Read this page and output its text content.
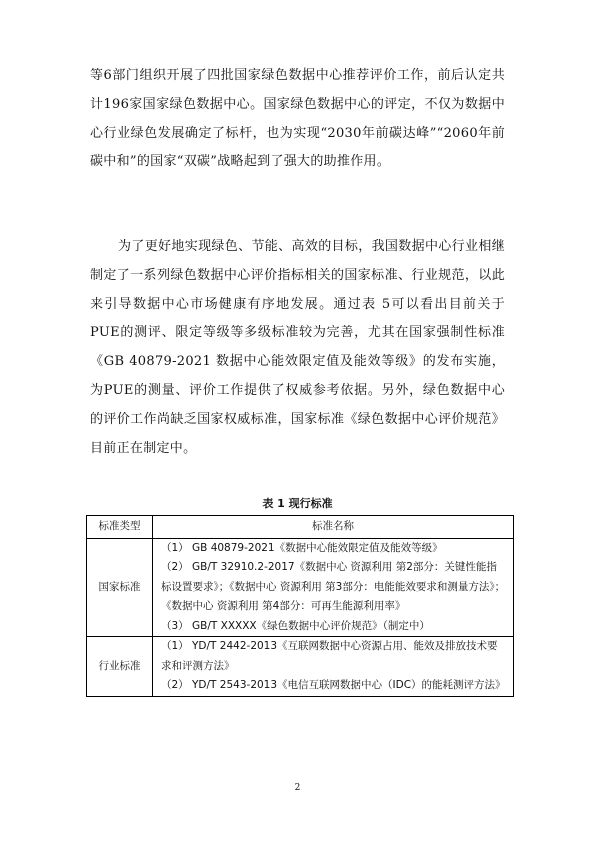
等6部门组织开展了四批国家绿色数据中心推荐评价工作，前后认定共计196家国家绿色数据中心。国家绿色数据中心的评定，不仅为数据中心行业绿色发展确定了标杆，也为实现“2030年前碳达峰”“2060年前碳中和”的国家“双碳”战略起到了强大的助推作用。
为了更好地实现绿色、节能、高效的目标，我国数据中心行业相继制定了一系列绿色数据中心评价指标相关的国家标准、行业规范，以此来引导数据中心市场健康有序地发展。通过表 5可以看出目前关于PUE的测评、限定等级等多级标准较为完善，尤其在国家强制性标准《GB 40879-2021 数据中心能效限定值及能效等级》的发布实施，为PUE的测量、评价工作提供了权威参考依据。另外，绿色数据中心的评价工作尚缺乏国家权威标准，国家标准《绿色数据中心评价规范》目前正在制定中。
表 1 现行标准
标准类型	标准名称
国家标准	（1） GB 40879-2021《数据中心能效限定值及能效等级》
（2） GB/T 32910.2-2017《数据中心 资源利用 第2部分：关键性能指标设置要求》；《数据中心 资源利用 第3部分：电能能效要求和测量方法》；《数据中心 资源利用 第4部分：可再生能源利用率》
（3） GB/T XXXXX《绿色数据中心评价规范》（制定中）

行业标准	（1） YD/T 2442-2013《互联网数据中心资源占用、能效及排放技术要求和评测方法》
（2） YD/T 2543-2013《电信互联网数据中心（IDC）的能耗测评方法》
2
